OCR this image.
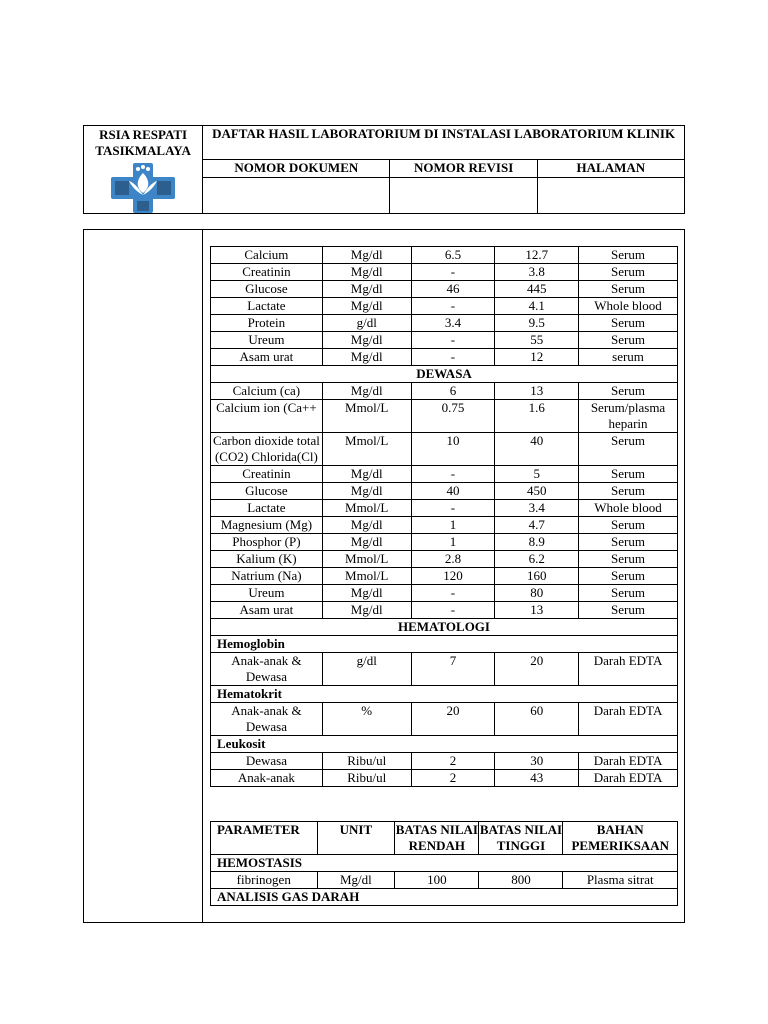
RSIA RESPATI TASIKMALAYA	DAFTAR HASIL LABORATORIUM DI INSTALASI LABORATORIUM KLINIK		
	NOMOR DOKUMEN	NOMOR REVISI	HALAMAN

Calcium	Mg/dl	6.5	12.7	Serum
Creatinin	Mg/dl	-	3.8	Serum
Glucose	Mg/dl	46	445	Serum
Lactate	Mg/dl	-	4.1	Whole blood
Protein	g/dl	3.4	9.5	Serum
Ureum	Mg/dl	-	55	Serum
Asam urat	Mg/dl	-	12	serum
DEWASA				
Calcium (ca)	Mg/dl	6	13	Serum
Calcium ion (Ca++	Mmol/L	0.75	1.6	Serum/plasma heparin
Carbon dioxide total (CO2) Chlorida(Cl)	Mmol/L	10	40	Serum
Creatinin	Mg/dl	-	5	Serum
Glucose	Mg/dl	40	450	Serum
Lactate	Mmol/L	-	3.4	Whole blood
Magnesium (Mg)	Mg/dl	1	4.7	Serum
Phosphor (P)	Mg/dl	1	8.9	Serum
Kalium (K)	Mmol/L	2.8	6.2	Serum
Natrium (Na)	Mmol/L	120	160	Serum
Ureum	Mg/dl	-	80	Serum
Asam urat	Mg/dl	-	13	Serum
HEMATOLOGI				
Hemoglobin				
Anak-anak & Dewasa	g/dl	7	20	Darah EDTA
Hematokrit				
Anak-anak & Dewasa	%	20	60	Darah EDTA
Leukosit				
Dewasa	Ribu/ul	2	30	Darah EDTA
Anak-anak	Ribu/ul	2	43	Darah EDTA
PARAMETER	UNIT	BATAS NILAI RENDAH	BATAS NILAI TINGGI	BAHAN PEMERIKSAAN
HEMOSTASIS				
fibrinogen	Mg/dl	100	800	Plasma sitrat
ANALISIS GAS DARAH				
